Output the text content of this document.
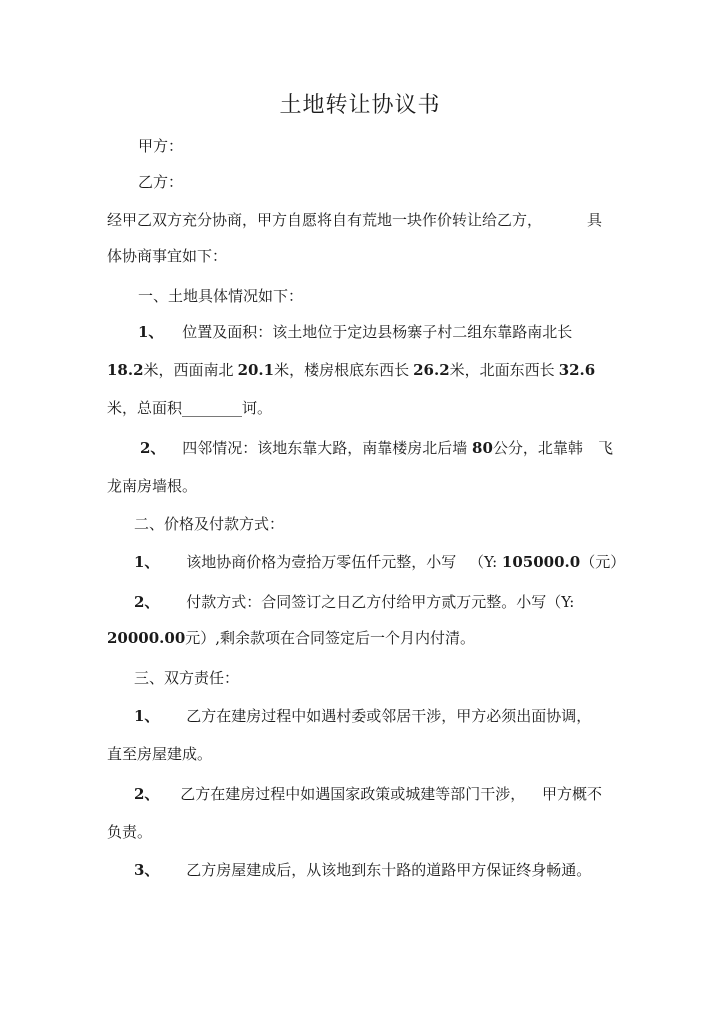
土地转让协议书
甲方：
乙方：
经甲乙双方充分协商，甲方自愿将自有荒地一块作价转让给乙方，	具
体协商事宜如下：
一、土地具体情况如下：
1、 位置及面积：该土地位于定边县杨寨子村二组东靠路南北长
18.2米，西面南北 20.1米，楼房根底东西长 26.2米，北面东西长 32.6
米，总面积________诃。
2、 四邻情况：该地东靠大路，南靠楼房北后墙 80公分，北靠韩 飞
龙南房墙根。
二、价格及付款方式：
1、 该地协商价格为壹拾万零伍仟元整，小写 （Y: 105000.0（元）
2、 付款方式：合同签订之日乙方付给甲方贰万元整。小写（Y:
20000.00元）,剩余款项在合同签定后一个月内付清。
三、双方责任：
1、 乙方在建房过程中如遇村委或邻居干涉，甲方必须出面协调，
直至房屋建成。
2、 乙方在建房过程中如遇国家政策或城建等部门干涉， 甲方概不
负责。
3、 乙方房屋建成后，从该地到东十路的道路甲方保证终身畅通。
